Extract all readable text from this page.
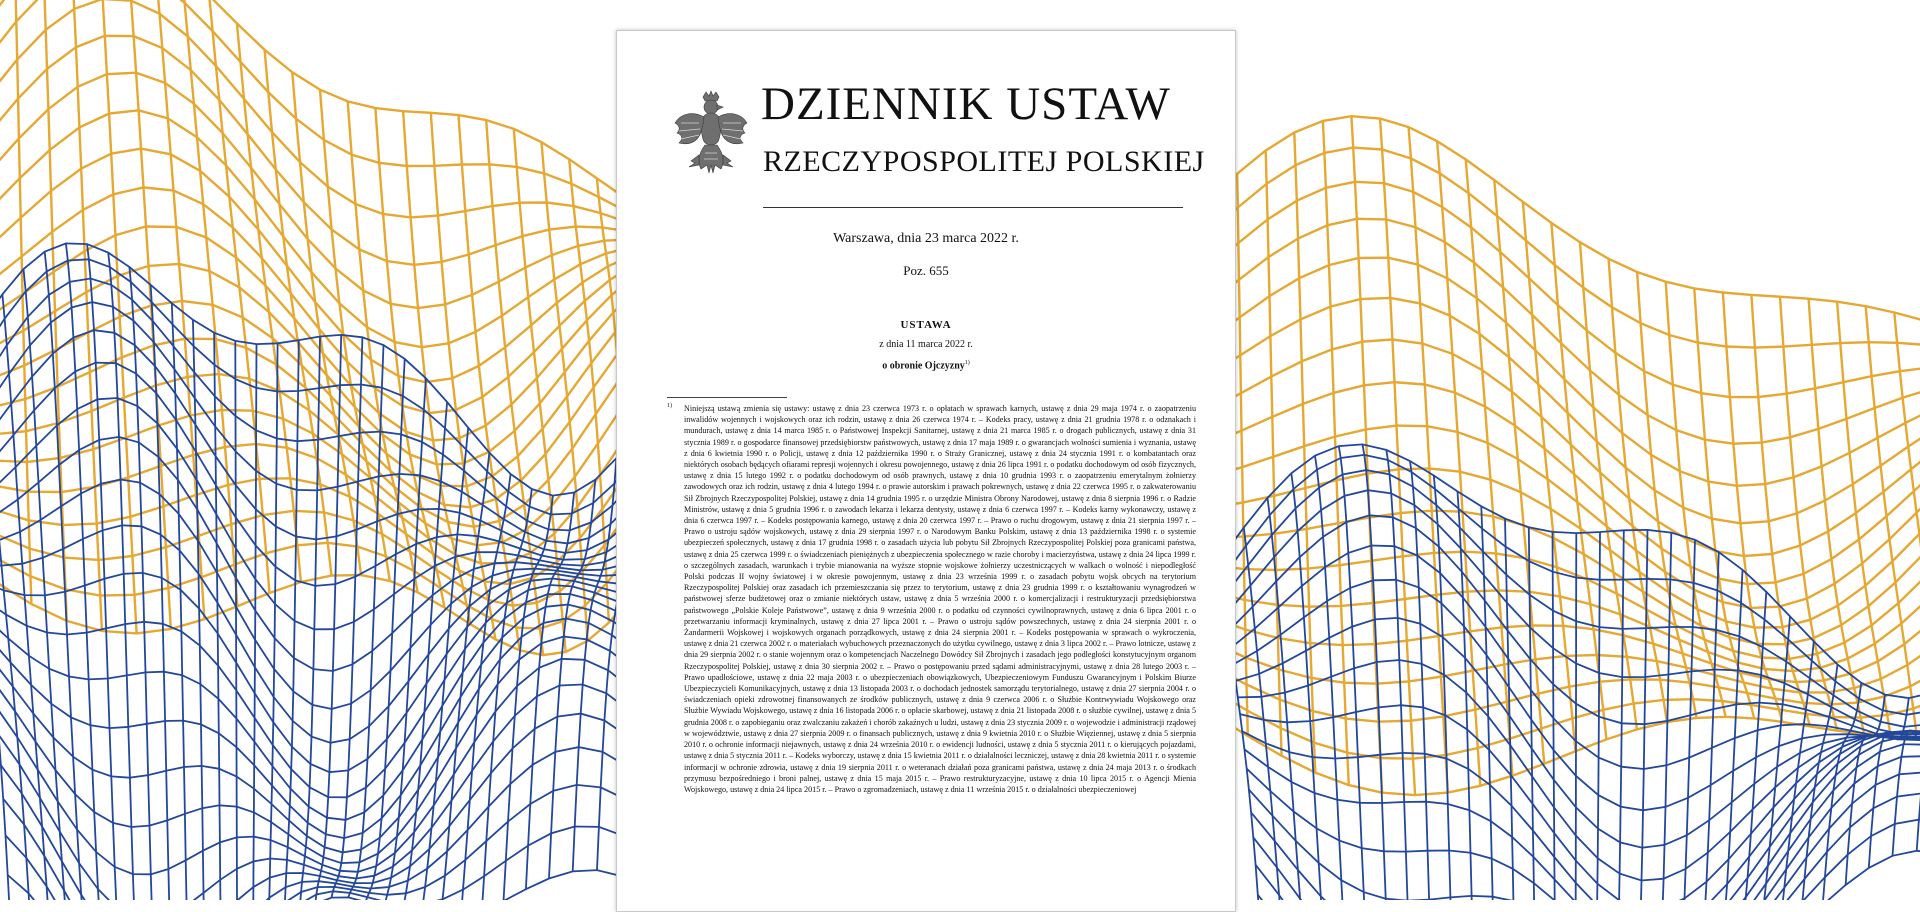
DZIENNIK USTAW
RZECZYPOSPOLITEJ POLSKIEJ
Warszawa, dnia 23 marca 2022 r.
Poz. 655
USTAWA
z dnia 11 marca 2022 r.
o obronie Ojczyzny$^{1)}$
1) Niniejszą ustawą zmienia się ustawy: ustawę z dnia 23 czerwca 1973 r. o opłatach w sprawach karnych, ustawę z dnia 29 maja 1974 r. o zaopatrzeniu inwalidów wojennych i wojskowych oraz ich rodzin, ustawę z dnia 26 czerwca 1974 r. – Kodeks pracy, ustawę z dnia 21 grudnia 1978 r. o odznakach i mundurach, ustawę z dnia 14 marca 1985 r. o Państwowej Inspekcji Sanitarnej, ustawę z dnia 21 marca 1985 r. o drogach publicznych, ustawę z dnia 31 stycznia 1989 r. o gospodarce finansowej przedsiębiorstw państwowych, ustawę z dnia 17 maja 1989 r. o gwarancjach wolności sumienia i wyznania, ustawę z dnia 6 kwietnia 1990 r. o Policji, ustawę z dnia 12 października 1990 r. o Straży Granicznej, ustawę z dnia 24 stycznia 1991 r. o kombatantach oraz niektórych osobach będących ofiarami represji wojennych i okresu powojennego, ustawę z dnia 26 lipca 1991 r. o podatku dochodowym od osób fizycznych, ustawę z dnia 15 lutego 1992 r. o podatku dochodowym od osób prawnych, ustawę z dnia 10 grudnia 1993 r. o zaopatrzeniu emerytalnym żołnierzy zawodowych oraz ich rodzin, ustawę z dnia 4 lutego 1994 r. o prawie autorskim i prawach pokrewnych, ustawę z dnia 22 czerwca 1995 r. o zakwaterowaniu Sił Zbrojnych Rzeczypospolitej Polskiej, ustawę z dnia 14 grudnia 1995 r. o urzędzie Ministra Obrony Narodowej, ustawę z dnia 8 sierpnia 1996 r. o Radzie Ministrów, ustawę z dnia 5 grudnia 1996 r. o zawodach lekarza i lekarza dentysty, ustawę z dnia 6 czerwca 1997 r. – Kodeks karny wykonawczy, ustawę z dnia 6 czerwca 1997 r. – Kodeks postępowania karnego, ustawę z dnia 20 czerwca 1997 r. – Prawo o ruchu drogowym, ustawę z dnia 21 sierpnia 1997 r. – Prawo o ustroju sądów wojskowych, ustawę z dnia 29 sierpnia 1997 r. o Narodowym Banku Polskim, ustawę z dnia 13 października 1998 r. o systemie ubezpieczeń społecznych, ustawę z dnia 17 grudnia 1998 r. o zasadach użycia lub pobytu Sił Zbrojnych Rzeczypospolitej Polskiej poza granicami państwa, ustawę z dnia 25 czerwca 1999 r. o świadczeniach pieniężnych z ubezpieczenia społecznego w razie choroby i macierzyństwa, ustawę z dnia 24 lipca 1999 r. o szczególnych zasadach, warunkach i trybie mianowania na wyższe stopnie wojskowe żołnierzy uczestniczących w walkach o wolność i niepodległość Polski podczas II wojny światowej i w okresie powojennym, ustawę z dnia 23 września 1999 r. o zasadach pobytu wojsk obcych na terytorium Rzeczypospolitej Polskiej oraz zasadach ich przemieszczania się przez to terytorium, ustawę z dnia 23 grudnia 1999 r. o kształtowaniu wynagrodzeń w państwowej sferze budżetowej oraz o zmianie niektórych ustaw, ustawę z dnia 5 września 2000 r. o komercjalizacji i restrukturyzacji przedsiębiorstwa państwowego „Polskie Koleje Państwowe”, ustawę z dnia 9 września 2000 r. o podatku od czynności cywilnoprawnych, ustawę z dnia 6 lipca 2001 r. o przetwarzaniu informacji kryminalnych, ustawę z dnia 27 lipca 2001 r. – Prawo o ustroju sądów powszechnych, ustawę z dnia 24 sierpnia 2001 r. o Żandarmerii Wojskowej i wojskowych organach porządkowych, ustawę z dnia 24 sierpnia 2001 r. – Kodeks postępowania w sprawach o wykroczenia, ustawę z dnia 21 czerwca 2002 r. o materiałach wybuchowych przeznaczonych do użytku cywilnego, ustawę z dnia 3 lipca 2002 r. – Prawo lotnicze, ustawę z dnia 29 sierpnia 2002 r. o stanie wojennym oraz o kompetencjach Naczelnego Dowódcy Sił Zbrojnych i zasadach jego podległości konstytucyjnym organom Rzeczypospolitej Polskiej, ustawę z dnia 30 sierpnia 2002 r. – Prawo o postępowaniu przed sądami administracyjnymi, ustawę z dnia 28 lutego 2003 r. – Prawo upadłościowe, ustawę z dnia 22 maja 2003 r. o ubezpieczeniach obowiązkowych, Ubezpieczeniowym Funduszu Gwarancyjnym i Polskim Biurze Ubezpieczycieli Komunikacyjnych, ustawę z dnia 13 listopada 2003 r. o dochodach jednostek samorządu terytorialnego, ustawę z dnia 27 sierpnia 2004 r. o świadczeniach opieki zdrowotnej finansowanych ze środków publicznych, ustawę z dnia 9 czerwca 2006 r. o Służbie Kontrwywiadu Wojskowego oraz Służbie Wywiadu Wojskowego, ustawę z dnia 16 listopada 2006 r. o opłacie skarbowej, ustawę z dnia 21 listopada 2008 r. o służbie cywilnej, ustawę z dnia 5 grudnia 2008 r. o zapobieganiu oraz zwalczaniu zakażeń i chorób zakaźnych u ludzi, ustawę z dnia 23 stycznia 2009 r. o wojewodzie i administracji rządowej w województwie, ustawę z dnia 27 sierpnia 2009 r. o finansach publicznych, ustawę z dnia 9 kwietnia 2010 r. o Służbie Więziennej, ustawę z dnia 5 sierpnia 2010 r. o ochronie informacji niejawnych, ustawę z dnia 24 września 2010 r. o ewidencji ludności, ustawę z dnia 5 stycznia 2011 r. o kierujących pojazdami, ustawę z dnia 5 stycznia 2011 r. – Kodeks wyborczy, ustawę z dnia 15 kwietnia 2011 r. o działalności leczniczej, ustawę z dnia 28 kwietnia 2011 r. o systemie informacji w ochronie zdrowia, ustawę z dnia 19 sierpnia 2011 r. o weteranach działań poza granicami państwa, ustawę z dnia 24 maja 2013 r. o środkach przymusu bezpośredniego i broni palnej, ustawę z dnia 15 maja 2015 r. – Prawo restrukturyzacyjne, ustawę z dnia 10 lipca 2015 r. o Agencji Mienia Wojskowego, ustawę z dnia 24 lipca 2015 r. – Prawo o zgromadzeniach, ustawę z dnia 11 września 2015 r. o działalności ubezpieczeniowej
